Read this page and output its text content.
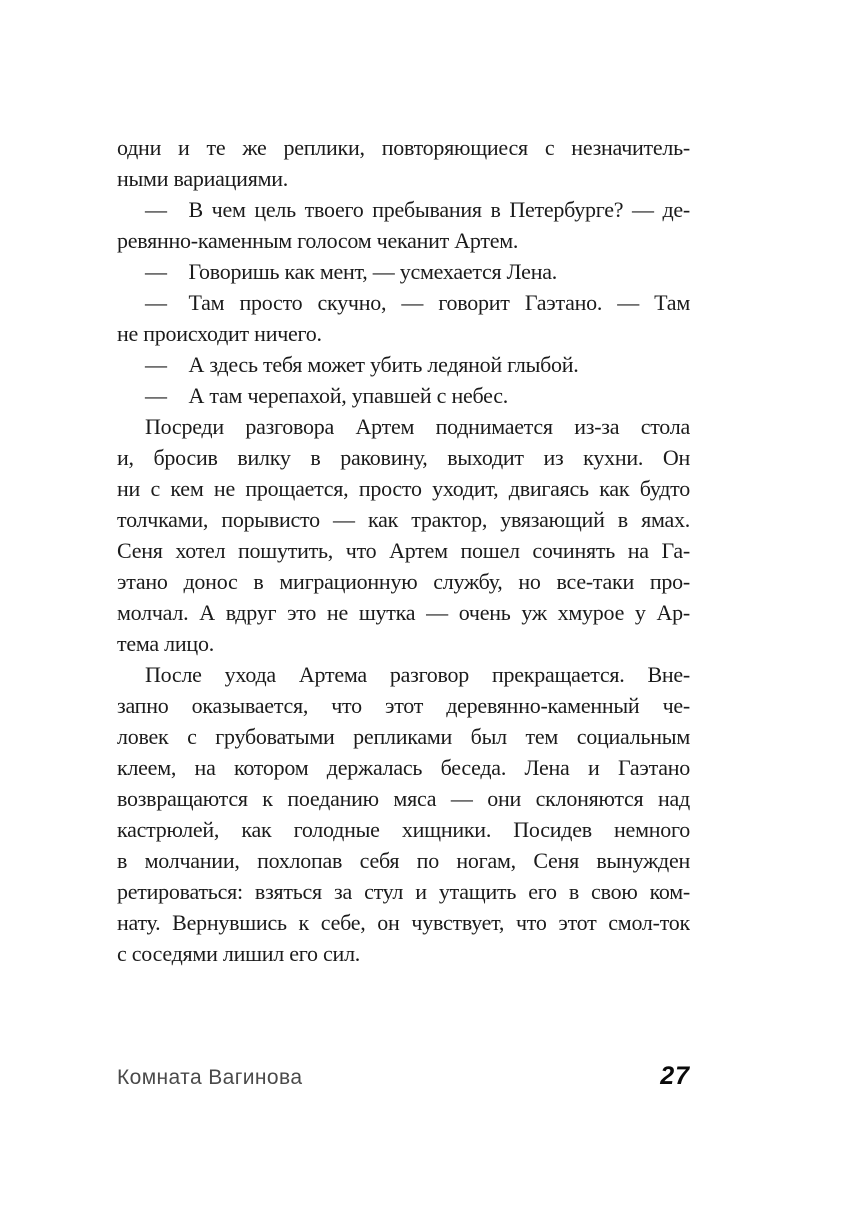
одни и те же реплики, повторяющиеся с незначитель-
ными вариациями.
— В чем цель твоего пребывания в Петербурге? — де-
ревянно-каменным голосом чеканит Артем.
— Говоришь как мент, — усмехается Лена.
— Там просто скучно, — говорит Гаэтано. — Там
не происходит ничего.
— А здесь тебя может убить ледяной глыбой.
— А там черепахой, упавшей с небес.
Посреди разговора Артем поднимается из-за стола
и, бросив вилку в раковину, выходит из кухни. Он
ни с кем не прощается, просто уходит, двигаясь как будто
толчками, порывисто — как трактор, увязающий в ямах.
Сеня хотел пошутить, что Артем пошел сочинять на Га-
этано донос в миграционную службу, но все-таки про-
молчал. А вдруг это не шутка — очень уж хмурое у Ар-
тема лицо.
После ухода Артема разговор прекращается. Вне-
запно оказывается, что этот деревянно-каменный че-
ловек с грубоватыми репликами был тем социальным
клеем, на котором держалась беседа. Лена и Гаэтано
возвращаются к поеданию мяса — они склоняются над
кастрюлей, как голодные хищники. Посидев немного
в молчании, похлопав себя по ногам, Сеня вынужден
ретироваться: взяться за стул и утащить его в свою ком-
нату. Вернувшись к себе, он чувствует, что этот смол-ток
с соседями лишил его сил.
Комната Вагинова	27
